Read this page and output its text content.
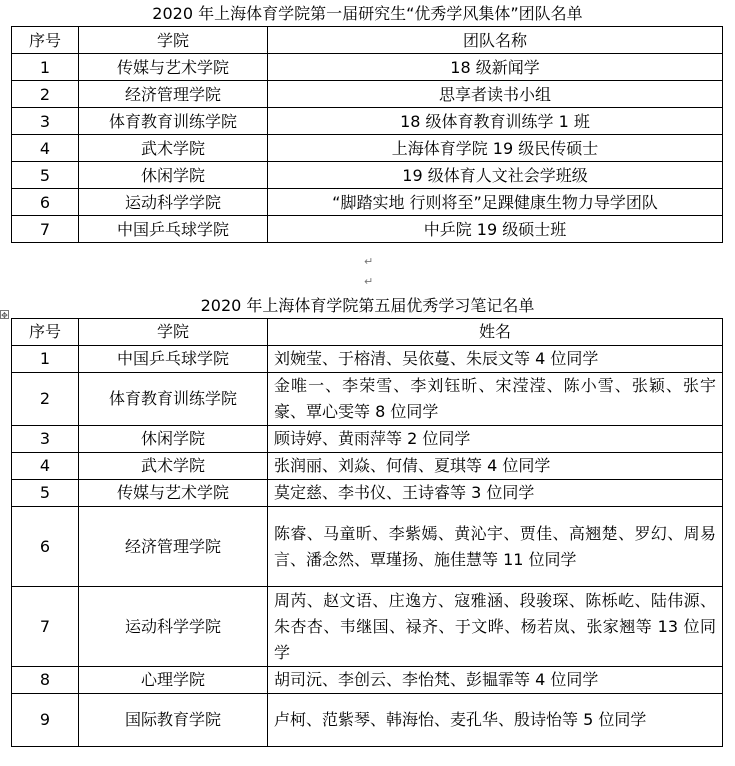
2020 年上海体育学院第一届研究生“优秀学风集体”团队名单
序号	学院	团队名称
1	传媒与艺术学院	18 级新闻学
2	经济管理学院	思享者读书小组
3	体育教育训练学院	18 级体育教育训练学 1 班
4	武术学院	上海体育学院 19 级民传硕士
5	休闲学院	19 级体育人文社会学班级
6	运动科学学院	“脚踏实地 行则将至”足踝健康生物力导学团队
7	中国乒乓球学院	中乒院 19 级硕士班
↵
↵
✥
2020 年上海体育学院第五届优秀学习笔记名单
序号	学院	姓名
1	中国乒乓球学院	刘婉莹、于榕清、吴依蔓、朱辰文等 4 位同学
2	体育教育训练学院	金唯一、李荣雪、李刘钰昕、宋滢滢、陈小雪、张颖、张宇豪、覃心雯等 8 位同学
3	休闲学院	顾诗婷、黄雨萍等 2 位同学
4	武术学院	张润丽、刘焱、何倩、夏琪等 4 位同学
5	传媒与艺术学院	莫定慈、李书仪、王诗睿等 3 位同学
6	经济管理学院	陈睿、马童昕、李紫嫣、黄沁宇、贾佳、高翘楚、罗幻、周易言、潘念然、覃瑾扬、施佳慧等 11 位同学
7	运动科学学院	周芮、赵文语、庄逸方、寇雅涵、段骏琛、陈栎屹、陆伟源、朱杏杏、韦继国、禄齐、于文晔、杨若岚、张家翘等 13 位同学
8	心理学院	胡司沅、李创云、李怡梵、彭韫霏等 4 位同学
9	国际教育学院	卢柯、范紫琴、韩海怡、麦孔华、殷诗怡等 5 位同学
